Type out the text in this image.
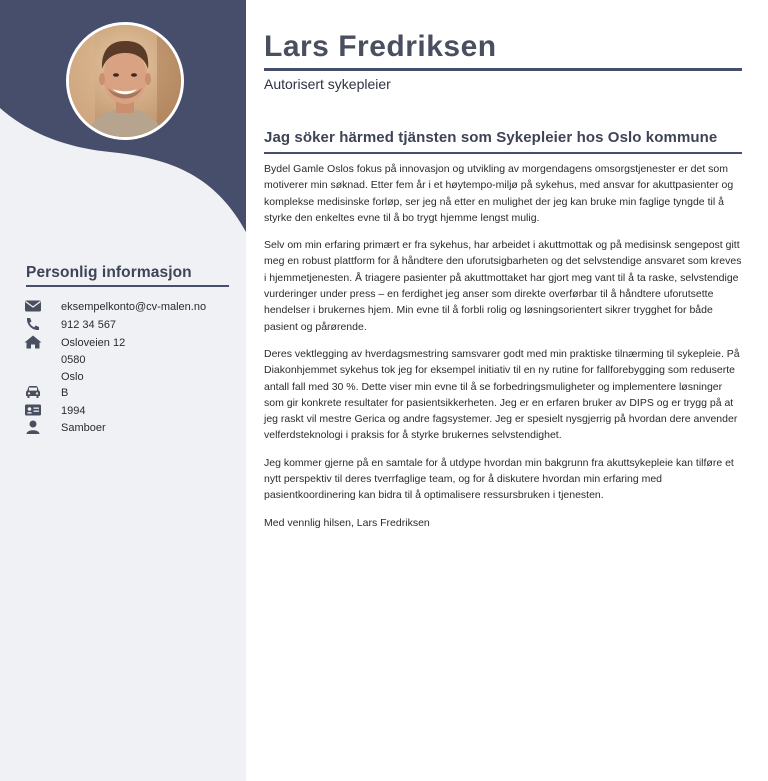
Personlig informasjon
eksempelkonto@cv-malen.no
912 34 567
Osloveien 12
0580
Oslo
B
1994
Samboer
Lars Fredriksen
Autorisert sykepleier
Jag söker härmed tjänsten som Sykepleier hos Oslo kommune

Bydel Gamle Oslos fokus på innovasjon og utvikling av morgendagens omsorgstjenester er det som motiverer min søknad. Etter fem år i et høytempo-miljø på sykehus, med ansvar for akuttpasienter og komplekse medisinske forløp, ser jeg nå etter en mulighet der jeg kan bruke min faglige tyngde til å styrke den enkeltes evne til å bo trygt hjemme lengst mulig.

Selv om min erfaring primært er fra sykehus, har arbeidet i akuttmottak og på medisinsk sengepost gitt meg en robust plattform for å håndtere den uforutsigbarheten og det selvstendige ansvaret som kreves i hjemmetjenesten. Å triagere pasienter på akuttmottaket har gjort meg vant til å ta raske, selvstendige vurderinger under press – en ferdighet jeg anser som direkte overførbar til å håndtere uforutsette hendelser i brukernes hjem. Min evne til å forbli rolig og løsningsorientert sikrer trygghet for både pasient og pårørende.

Deres vektlegging av hverdagsmestring samsvarer godt med min praktiske tilnærming til sykepleie. På Diakonhjemmet sykehus tok jeg for eksempel initiativ til en ny rutine for fallforebygging som reduserte antall fall med 30 %. Dette viser min evne til å se forbedringsmuligheter og implementere løsninger som gir konkrete resultater for pasientsikkerheten. Jeg er en erfaren bruker av DIPS og er trygg på at jeg raskt vil mestre Gerica og andre fagsystemer. Jeg er spesielt nysgjerrig på hvordan dere anvender velferdsteknologi i praksis for å styrke brukernes selvstendighet.

Jeg kommer gjerne på en samtale for å utdype hvordan min bakgrunn fra akuttsykepleie kan tilføre et nytt perspektiv til deres tverrfaglige team, og for å diskutere hvordan min erfaring med pasientkoordinering kan bidra til å optimalisere ressursbruken i tjenesten.

Med vennlig hilsen, Lars Fredriksen
